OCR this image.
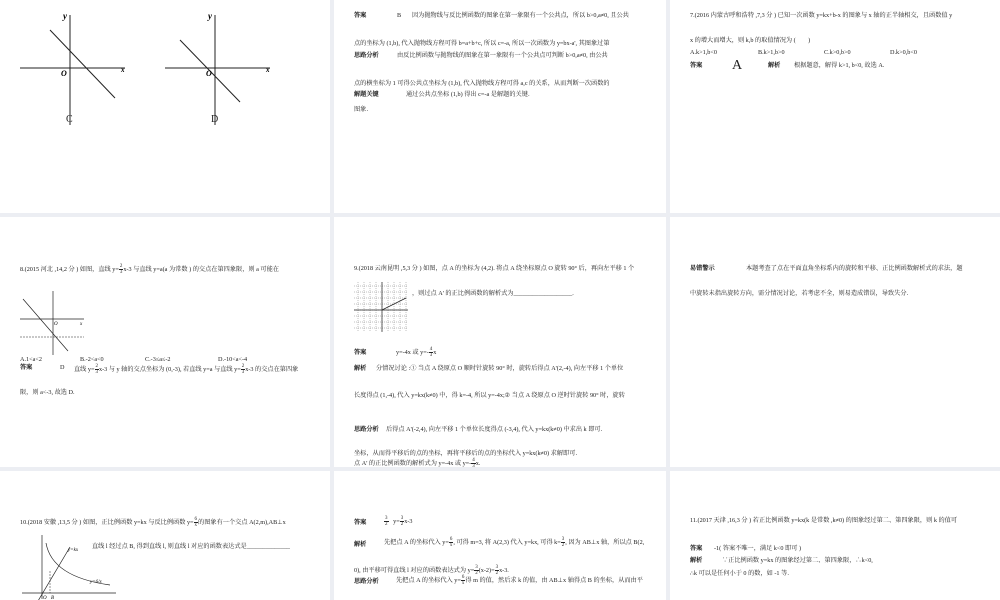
y
x
O
C
y
x
O
D
答案	B 因为抛物线与反比例函数的图象在第一象限有一个公共点，所以 b>0,a≠0, 且公共
点的坐标为 (1,b), 代入抛物线方程可得 b=a+b+c, 所以 c=-a, 所以一次函数为 y=bx-a', 其图象过第
思路分析	由反比例函数与抛物线的图象在第一象限有一个公共点可判断 b>0,a≠0, 由公共
点的横坐标为 1 可得公共点坐标为 (1,b), 代入抛物线方程可得 a,c 的关系，从而判断一次函数的
解题关键	通过公共点坐标 (1,b) 得出 c=-a 是解题的关键．
图象．
7.(2016 内蒙古呼和浩特 ,7,3 分 ) 已知一次函数 y=kx+b-x 的图象与 x 轴的正半轴相交，且函数值 y
x 的增大而增大，则 k,b 的取值情况为 (　　)
A.k>1,b<0	B.k>1,b>0	C.k>0,b>0	D.k>0,b<0
答案 A	解析 根据题意，解得 k>1, b<0, 故选 A.
8.(2015 河北 ,14,2 分 ) 如图，直线 $y= \frac{2}{3} x-3$ 与直线 y=a(a 为常数 ) 的交点在第四象限，则 a 可能在
O	x
A.1<a<2	B.-2<a<0	C.-3≤a≤-2	D.-10<a<-4
答案	D 直线 $y= \frac{2}{3} x-3$ 与 y 轴的交点坐标为 (0,-3), 若直线 y=a 与直线 $y= \frac{2}{3} x-3$ 的交点在第四象
限，则 a<-3, 故选 D.
9.(2018 云南昆明 ,5,3 分 ) 如图，点 A 的坐标为 (4,2). 将点 A 绕坐标原点 O 旋转 90° 后，再向左平移 1 个
，则过点 A' 的正比例函数的解析式为___________________.
答案	y=-4x 或 $y=- \frac{4}{3}$ x
解析 分情况讨论 :① 当点 A 绕原点 O 顺时针旋转 90° 时，旋转后得点 A'(2,-4), 向左平移 1 个单位
长度得点 (1,-4), 代入 y=kx(k≠0) 中，得 k=-4, 所以 y=-4x;② 当点 A 绕原点 O 逆时针旋转 90° 时，旋转
思路分析 后得点 A'(-2,4), 向左平移 1 个单位长度得点 (-3,4), 代入 y=kx(k≠0) 中求出 k 即可．
坐标，从而得平移后的点的坐标，再将平移后的点的坐标代入 y=kx(k≠0) 求解即可．
点 A' 的正比例函数的解析式为 y=-4x 或 $y=- \frac{4}{3} x$.
易错警示	本题考查了点在平面直角坐标系内的旋转和平移、正比例函数解析式的求法，题
中旋转未指出旋转方向，需分情况讨论，若考虑不全，则易造成错误，导致失分．
10.(2018 安徽 ,13,5 分 ) 如图，正比例函数 y=kx 与反比例函数 $y= \frac{6}{x}$ 的图象有一个交点 A(2,m),AB⊥x
y=kx
y=6/x
O B
直线 l 经过点 B, 得到直线 l, 则直线 l 对应的函数表达式是______________
答案	$\frac{3}{2} y= \frac{3}{2} x-3$
解析	先把点 A 的坐标代入 $y= \frac{6}{x}$ , 可得 m=3, 将 A(2,3) 代入 y=kx, 可得 $k= \frac{3}{2}$ , 因为 AB⊥x 轴，所以点 B(2,
0), 由平移可得直线 l 对应的函数表达式为 $y= \frac{3}{2} (x-2)= \frac{3}{2} x-3$.
思路分析	先把点 A 的坐标代入 $y= \frac{6}{x}$ 得 m 的值，然后求 k 的值，由 AB⊥x 轴得点 B 的坐标，从而由平
11.(2017 天津 ,16,3 分 ) 若正比例函数 y=kx(k 是常数 ,k≠0) 的图象经过第二、第四象限，则 k 的值可
答案 -1( 答案不唯一，满足 k<0 即可 )
解析	∵正比例函数 y=kx 的图象经过第二、第四象限，∴k<0,
∴k 可以是任何小于 0 的数，如 -1 等．
